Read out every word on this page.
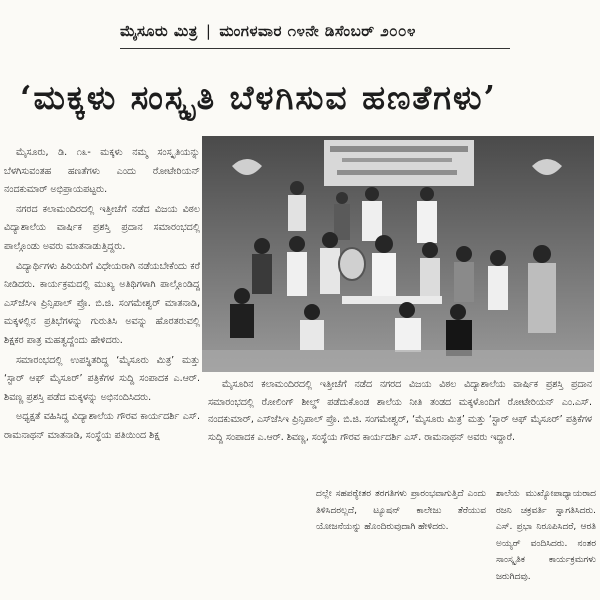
ಮೈಸೂರು ಮಿತ್ರ | ಮಂಗಳವಾರ ೧೪ನೇ ಡಿಸೆಂಬರ್ ೨೦೦೪
‘ಮಕ್ಕಳು ಸಂಸ್ಕೃತಿ ಬೆಳಗಿಸುವ ಹಣತೆಗಳು’

ಮೈಸೂರು, ಡಿ. ೧೩- ಮಕ್ಕಳು ನಮ್ಮ ಸಂಸ್ಕೃತಿಯನ್ನು ಬೆಳಗಿಸುವಂತಹ ಹಣತೆಗಳು ಎಂದು ರೋಟೇರಿಯನ್ ನಂದಕುಮಾರ್ ಅಭಿಪ್ರಾಯಪಟ್ಟರು.

ನಗರದ ಕಲಾಮಂದಿರದಲ್ಲಿ ಇತ್ತೀಚೆಗೆ ನಡೆದ ವಿಜಯ ವಿಠಲ ವಿದ್ಯಾಶಾಲೆಯ ವಾರ್ಷಿಕ ಪ್ರಶಸ್ತಿ ಪ್ರದಾನ ಸಮಾರಂಭದಲ್ಲಿ ಪಾಲ್ಗೊಂಡು ಅವರು ಮಾತನಾಡುತ್ತಿದ್ದರು.

ವಿದ್ಯಾರ್ಥಿಗಳು ಹಿರಿಯರಿಗೆ ವಿಧೇಯರಾಗಿ ನಡೆಯಬೇಕೆಂದು ಕರೆ ನೀಡಿದರು. ಕಾರ್ಯಕ್ರಮದಲ್ಲಿ ಮುಖ್ಯ ಅತಿಥಿಗಳಾಗಿ ಪಾಲ್ಗೊಂಡಿದ್ದ ಎಸ್‌ಜೆಸಿಇ ಪ್ರಿನ್ಸಿಪಾಲ್ ಪ್ರೊ. ಬಿ.ಜಿ. ಸಂಗಮೇಶ್ವರ್ ಮಾತನಾಡಿ, ಮಕ್ಕಳಲ್ಲಿನ ಪ್ರತಿಭೆಗಳನ್ನು ಗುರುತಿಸಿ ಅವನ್ನು ಹೊರತರುವಲ್ಲಿ ಶಿಕ್ಷಕರ ಪಾತ್ರ ಮಹತ್ವದ್ದೆಂದು ಹೇಳಿದರು.

ಸಮಾರಂಭದಲ್ಲಿ ಉಪಸ್ಥಿತರಿದ್ದ ‘ಮೈಸೂರು ಮಿತ್ರ’ ಮತ್ತು ‘ಸ್ಟಾರ್ ಆಫ್ ಮೈಸೂರ್’ ಪತ್ರಿಕೆಗಳ ಸುದ್ದಿ ಸಂಪಾದಕ ಎ.ಆರ್. ಶಿವಣ್ಣ ಪ್ರಶಸ್ತಿ ಪಡೆದ ಮಕ್ಕಳನ್ನು ಅಭಿನಂದಿಸಿದರು.

ಅಧ್ಯಕ್ಷತೆ ವಹಿಸಿದ್ದ ವಿದ್ಯಾಶಾಲೆಯ ಗೌರವ ಕಾರ್ಯದರ್ಶಿ ಎಸ್. ರಾಮನಾಥನ್ ಮಾತನಾಡಿ, ಸಂಸ್ಥೆಯ ಪತಿಯಿಂದ ಶಿಕ್ಷ

ಮೈಸೂರಿನ ಕಲಾಮಂದಿರದಲ್ಲಿ ಇತ್ತೀಚೆಗೆ ನಡೆದ ನಗರದ ವಿಜಯ ವಿಠಲ ವಿದ್ಯಾಶಾಲೆಯ ವಾರ್ಷಿಕ ಪ್ರಶಸ್ತಿ ಪ್ರದಾನ ಸಮಾರಂಭದಲ್ಲಿ ರೋಲಿಂಗ್ ಶೀಲ್ಡ್ ಪಡೆದುಕೊಂಡ ಶಾಲೆಯ ನೀತಿ ತಂಡದ ಮಕ್ಕಳೊಂದಿಗೆ ರೋಟೇರಿಯನ್ ಎಂ.ಎಸ್. ನಂದಕುಮಾರ್, ಎಸ್‌ಜೆಸಿಇ ಪ್ರಿನ್ಸಿಪಾಲ್ ಪ್ರೊ. ಬಿ.ಜಿ. ಸಂಗಮೇಶ್ವರ್, ‘ಮೈಸೂರು ಮಿತ್ರ’ ಮತ್ತು ‘ಸ್ಟಾರ್ ಆಫ್ ಮೈಸೂರ್’ ಪತ್ರಿಕೆಗಳ ಸುದ್ದಿ ಸಂಪಾದಕ ಎ.ಆರ್. ಶಿವಣ್ಣ, ಸಂಸ್ಥೆಯ ಗೌರವ ಕಾರ್ಯದರ್ಶಿ ಎಸ್. ರಾಮನಾಥನ್ ಅವರು ಇದ್ದಾರೆ.

ದಲ್ಲೇ ಸಹಪಠ್ಯೇತರ ತರಗತಿಗಳು ಪ್ರಾರಂಭವಾಗುತ್ತಿದೆ ಎಂದು ತಿಳಿಸಿದರಲ್ಲದೆ, ಟ್ಯೂಷನ್ ಕಾಲೇಜು ತೆರೆಯುವ ಯೋಜನೆಯನ್ನು ಹೊಂದಿರುವುದಾಗಿ ಹೇಳಿದರು.

ಶಾಲೆಯ ಮುಖ್ಯೋಪಾಧ್ಯಾಯರಾದ ರಜನಿ ಚಕ್ರವರ್ತಿ ಸ್ವಾಗತಿಸಿದರು. ಎಸ್. ಪ್ರಭಾ ನಿರೂಪಿಸಿದರೆ, ಆರತಿ ಅಯ್ಯರ್ ವಂದಿಸಿದರು. ನಂತರ ಸಾಂಸ್ಕೃತಿಕ ಕಾರ್ಯಕ್ರಮಗಳು ಜರುಗಿದವು.
